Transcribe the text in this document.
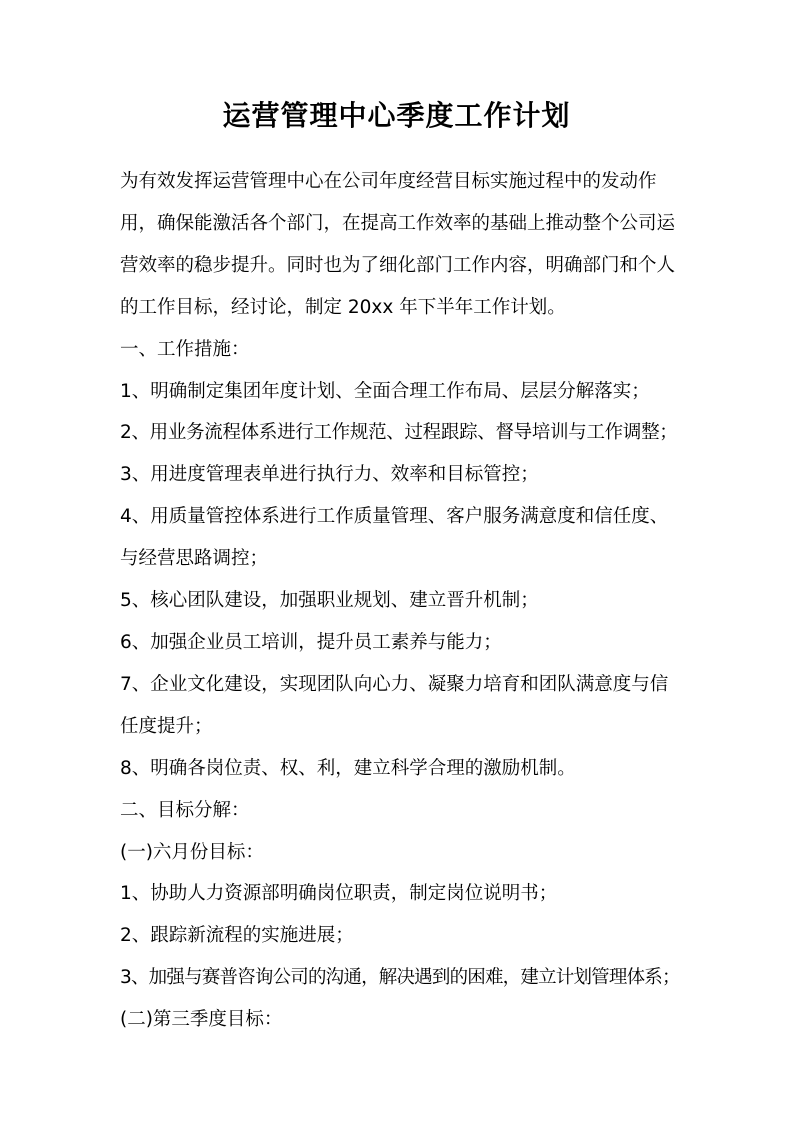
运营管理中心季度工作计划

为有效发挥运营管理中心在公司年度经营目标实施过程中的发动作

用，确保能激活各个部门，在提高工作效率的基础上推动整个公司运

营效率的稳步提升。同时也为了细化部门工作内容，明确部门和个人

的工作目标，经讨论，制定 20xx 年下半年工作计划。

一、工作措施：

1、明确制定集团年度计划、全面合理工作布局、层层分解落实；

2、用业务流程体系进行工作规范、过程跟踪、督导培训与工作调整；

3、用进度管理表单进行执行力、效率和目标管控；

4、用质量管控体系进行工作质量管理、客户服务满意度和信任度、

与经营思路调控；

5、核心团队建设，加强职业规划、建立晋升机制；

6、加强企业员工培训，提升员工素养与能力；

7、企业文化建设，实现团队向心力、凝聚力培育和团队满意度与信

任度提升；

8、明确各岗位责、权、利，建立科学合理的激励机制。

二、目标分解：

(一)六月份目标：

1、协助人力资源部明确岗位职责，制定岗位说明书；

2、跟踪新流程的实施进展；

3、加强与赛普咨询公司的沟通，解决遇到的困难，建立计划管理体系；

(二)第三季度目标：
